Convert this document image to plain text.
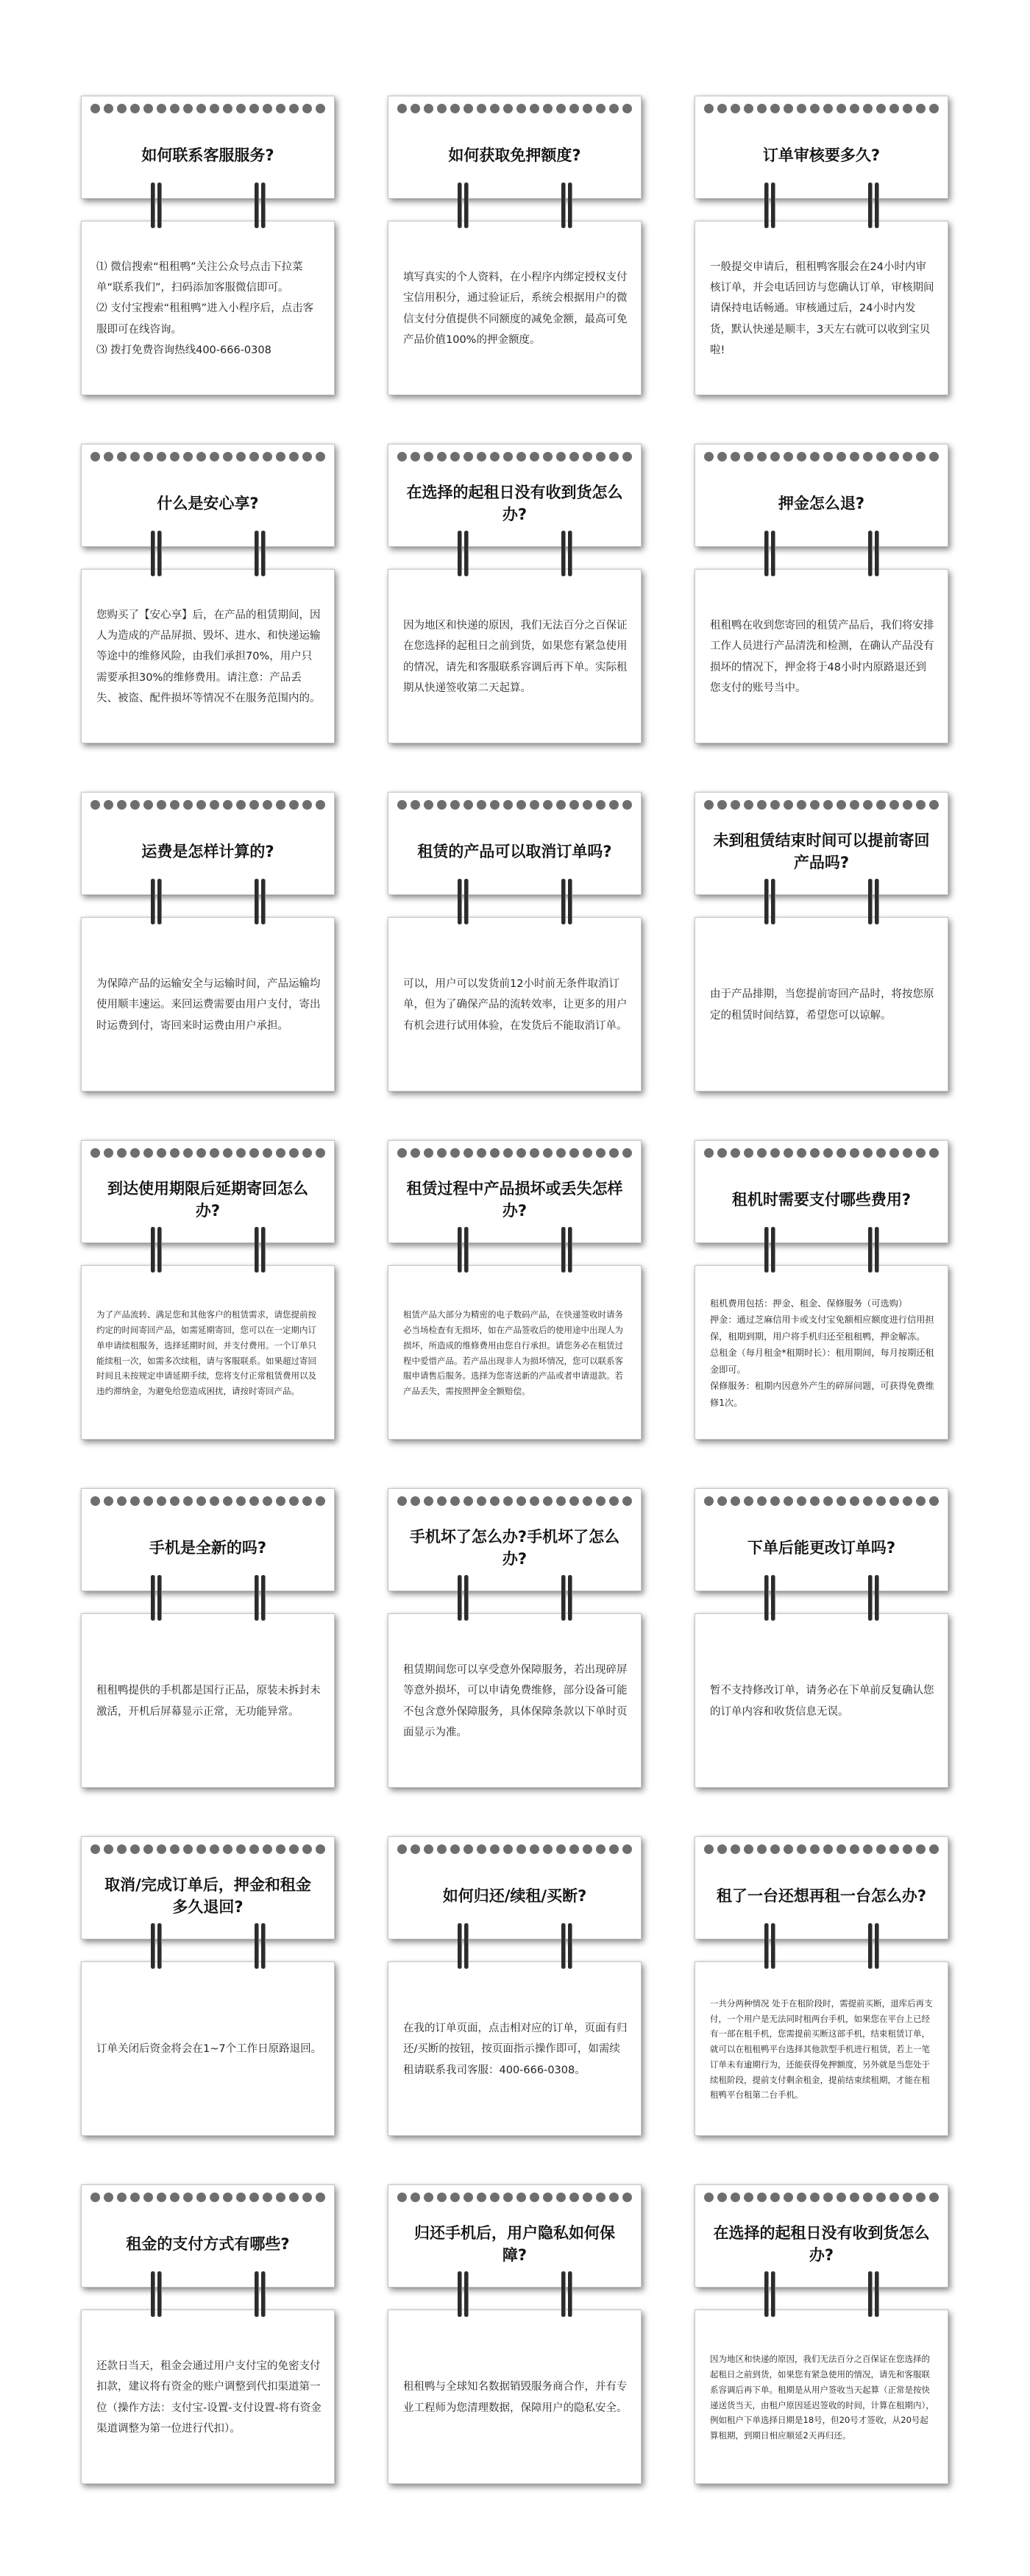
如何联系客服服务?
⑴ 微信搜索“租租鸭”关注公众号点击下拉菜单“联系我们”，扫码添加客服微信即可。
⑵ 支付宝搜索“租租鸭”进入小程序后，点击客服即可在线咨询。
⑶ 拨打免费咨询热线400-666-0308
如何获取免押额度?
填写真实的个人资料，在小程序内绑定授权支付宝信用积分，通过验证后，系统会根据用户的微信支付分值提供不同额度的减免金额，最高可免产品价值100%的押金额度。
订单审核要多久?
一般提交申请后，租租鸭客服会在24小时内审核订单，并会电话回访与您确认订单，审核期间请保持电话畅通。审核通过后，24小时内发货，默认快递是顺丰，3天左右就可以收到宝贝啦!
什么是安心享?
您购买了【安心享】后，在产品的租赁期间，因人为造成的产品屏损、毁坏、进水、和快递运输等途中的维修风险，由我们承担70%，用户只需要承担30%的维修费用。请注意：产品丢失、被盗、配件损坏等情况不在服务范围内的。
在选择的起租日没有收到货怎么办?
因为地区和快递的原因，我们无法百分之百保证在您选择的起租日之前到货，如果您有紧急使用的情况，请先和客服联系容调后再下单。实际租期从快递签收第二天起算。
押金怎么退?
租租鸭在收到您寄回的租赁产品后，我们将安排工作人员进行产品清洗和检测，在确认产品没有损坏的情况下，押金将于48小时内原路退还到您支付的账号当中。
运费是怎样计算的?
为保障产品的运输安全与运输时间，产品运输均使用顺丰速运。来回运费需要由用户支付，寄出时运费到付，寄回来时运费由用户承担。
租赁的产品可以取消订单吗?
可以，用户可以发货前12小时前无条件取消订单，但为了确保产品的流转效率，让更多的用户有机会进行试用体验，在发货后不能取消订单。
未到租赁结束时间可以提前寄回产品吗?
由于产品排期，当您提前寄回产品时，将按您原定的租赁时间结算，希望您可以谅解。
到达使用期限后延期寄回怎么办?
为了产品流转、满足您和其他客户的租赁需求，请您提前按约定的时间寄回产品，如需延期寄回，您可以在一定期内订单申请续租服务，选择延期时间，并支付费用。一个订单只能续租一次，如需多次续租，请与客服联系。如果超过寄回时间且未按规定申请延期手续，您将支付正常租赁费用以及违约滞纳金，为避免给您造成困扰，请按时寄回产品。
租赁过程中产品损坏或丢失怎样办?
租赁产品大部分为精密的电子数码产品，在快递签收时请务必当场检查有无损坏，如在产品签收后的使用途中出现人为损坏，所造成的维修费用由您自行承担。请您务必在租赁过程中爱惜产品。若产品出现非人为损坏情况，您可以联系客服申请售后服务。选择为您寄送新的产品或者申请退款。若产品丢失，需按照押金全额赔偿。
租机时需要支付哪些费用?
租机费用包括：押金、租金、保修服务（可选购）
押金：通过芝麻信用卡或支付宝免额相应额度进行信用担保，租期到期，用户将手机归还至租租鸭，押金解冻。
总租金（每月租金*租期时长）：租用期间，每月按期还租金即可。
保修服务：租期内因意外产生的碎屏问题，可获得免费维修1次。
手机是全新的吗?
租租鸭提供的手机都是国行正品，原装未拆封未激活，开机后屏幕显示正常，无功能异常。
手机坏了怎么办?手机坏了怎么办?
租赁期间您可以享受意外保障服务，若出现碎屏等意外损坏，可以申请免费维修，部分设备可能不包含意外保障服务，具体保障条款以下单时页面显示为准。
下单后能更改订单吗?
暂不支持修改订单，请务必在下单前反复确认您的订单内容和收货信息无误。
取消/完成订单后，押金和租金多久退回?
订单关闭后资金将会在1~7个工作日原路退回。
如何归还/续租/买断?
在我的订单页面，点击相对应的订单，页面有归还/买断的按钮，按页面指示操作即可，如需续租请联系我司客服：400-666-0308。
租了一台还想再租一台怎么办?
一共分两种情况 处于在租阶段时，需提前买断，退库后再支付，一个用户是无法同时租两台手机，如果您在平台上已经有一部在租手机，您需提前买断这部手机，结束租赁订单，就可以在租租鸭平台选择其他款型手机进行租赁，若上一笔订单未有逾期行为，还能获得免押额度，另外就是当您处于续租阶段，提前支付剩余租金，提前结束续租期，才能在租租鸭平台租第二台手机。
租金的支付方式有哪些?
还款日当天，租金会通过用户支付宝的免密支付扣款，建议将有资金的账户调整到代扣渠道第一位（操作方法：支付宝-设置-支付设置-将有资金渠道调整为第一位进行代扣）。
归还手机后，用户隐私如何保障?
租租鸭与全球知名数据销毁服务商合作，并有专业工程师为您清理数据，保障用户的隐私安全。
在选择的起租日没有收到货怎么办?
因为地区和快递的原因，我们无法百分之百保证在您选择的起租日之前到货，如果您有紧急使用的情况，请先和客服联系容调后再下单。租期是从用户签收当天起算（正常是按快递送货当天，由租户原因延迟签收的时间，计算在租期内），例如租户下单选择日期是18号，但20号才签收，从20号起算租期，到期日相应顺延2天再归还。
